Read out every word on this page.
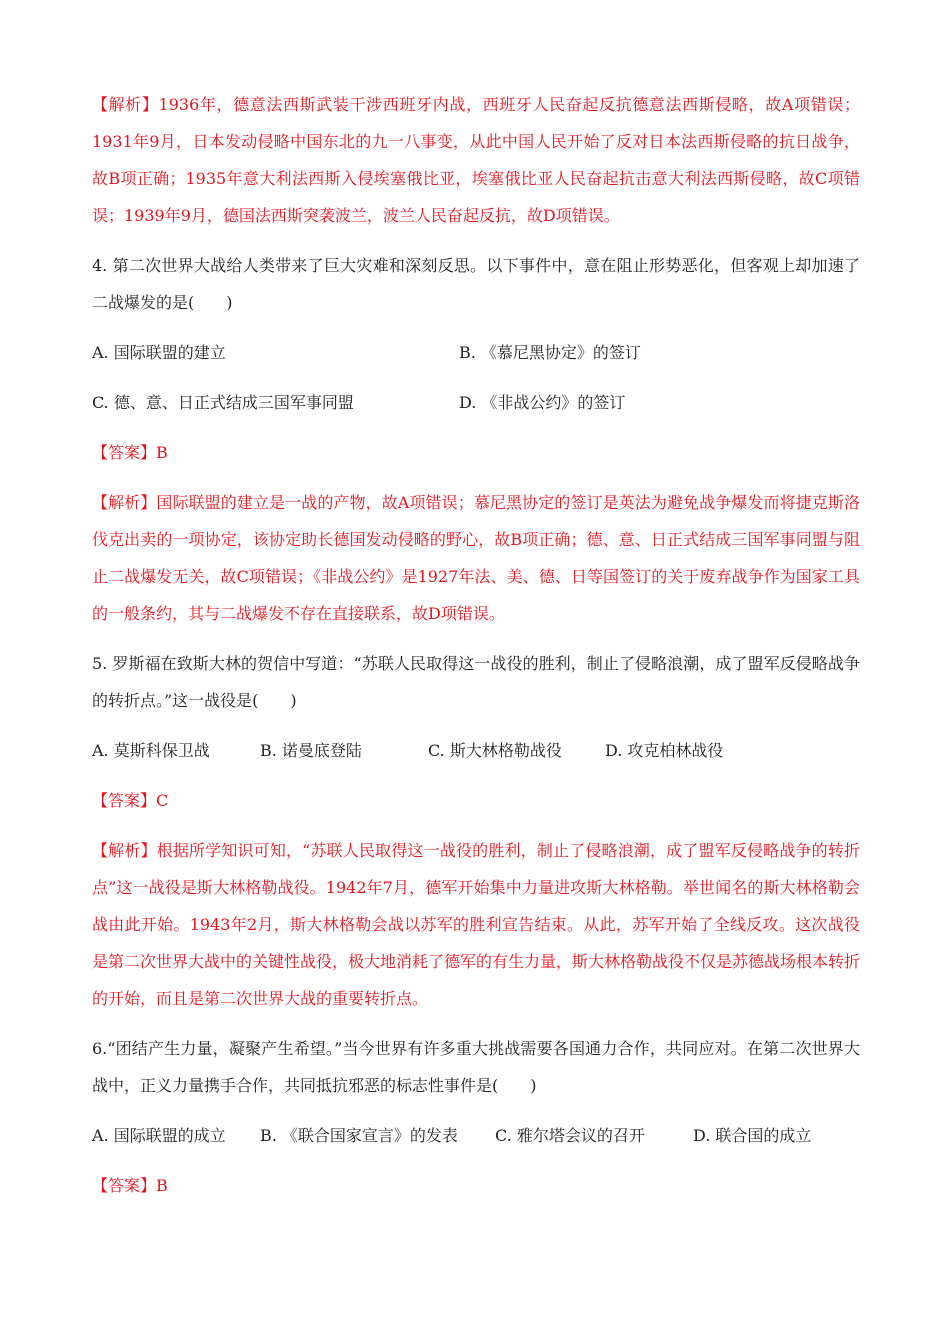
【解析】1936年，德意法西斯武装干涉西班牙内战，西班牙人民奋起反抗德意法西斯侵略，故A项错误；1931年9月，日本发动侵略中国东北的九一八事变，从此中国人民开始了反对日本法西斯侵略的抗日战争，故B项正确；1935年意大利法西斯入侵埃塞俄比亚，埃塞俄比亚人民奋起抗击意大利法西斯侵略，故C项错误；1939年9月，德国法西斯突袭波兰，波兰人民奋起反抗，故D项错误。

4. 第二次世界大战给人类带来了巨大灾难和深刻反思。以下事件中，意在阻止形势恶化，但客观上却加速了二战爆发的是(　　)

A. 国际联盟的建立	B. 《慕尼黑协定》的签订
C. 德、意、日正式结成三国军事同盟	D. 《非战公约》的签订

【答案】B

【解析】国际联盟的建立是一战的产物，故A项错误；慕尼黑协定的签订是英法为避免战争爆发而将捷克斯洛伐克出卖的一项协定，该协定助长德国发动侵略的野心，故B项正确；德、意、日正式结成三国军事同盟与阻止二战爆发无关，故C项错误；《非战公约》是1927年法、美、德、日等国签订的关于废弃战争作为国家工具的一般条约，其与二战爆发不存在直接联系，故D项错误。

5. 罗斯福在致斯大林的贺信中写道：“苏联人民取得这一战役的胜利，制止了侵略浪潮，成了盟军反侵略战争的转折点。”这一战役是(　　)

A. 莫斯科保卫战	B. 诺曼底登陆	C. 斯大林格勒战役	D. 攻克柏林战役

【答案】C

【解析】根据所学知识可知，“苏联人民取得这一战役的胜利，制止了侵略浪潮，成了盟军反侵略战争的转折点”这一战役是斯大林格勒战役。1942年7月，德军开始集中力量进攻斯大林格勒。举世闻名的斯大林格勒会战由此开始。1943年2月，斯大林格勒会战以苏军的胜利宣告结束。从此，苏军开始了全线反攻。这次战役是第二次世界大战中的关键性战役，极大地消耗了德军的有生力量，斯大林格勒战役不仅是苏德战场根本转折的开始，而且是第二次世界大战的重要转折点。

6.“团结产生力量，凝聚产生希望。”当今世界有许多重大挑战需要各国通力合作，共同应对。在第二次世界大战中，正义力量携手合作，共同抵抗邪恶的标志性事件是(　　)

A. 国际联盟的成立	B. 《联合国家宣言》的发表	C. 雅尔塔会议的召开	D. 联合国的成立

【答案】B
